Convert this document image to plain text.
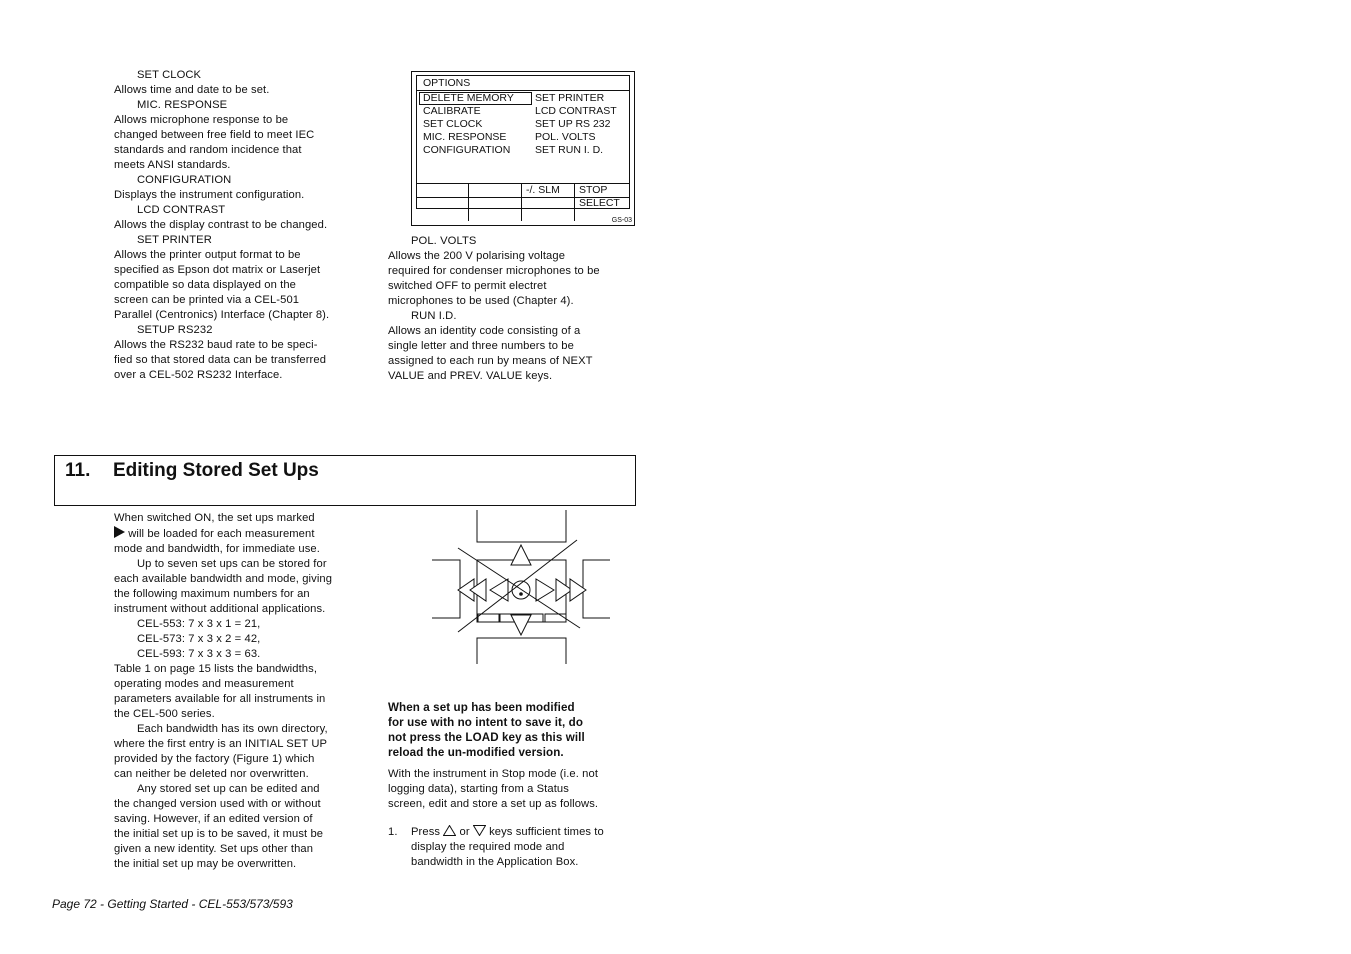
SET CLOCK

Allows time and date to be set.

MIC. RESPONSE

Allows microphone response to be

changed between free field to meet IEC

standards and random incidence that

meets ANSI standards.

CONFIGURATION

Displays the instrument configuration.

LCD CONTRAST

Allows the display contrast to be changed.

SET PRINTER

Allows the printer output format to be

specified as Epson dot matrix or Laserjet

compatible so data displayed on the

screen can be printed via a CEL-501

Parallel (Centronics) Interface (Chapter 8).

SETUP RS232

Allows the RS232 baud rate to be speci-

fied so that stored data can be transferred

over a CEL-502 RS232 Interface.

OPTIONS
DELETE MEMORY
CALIBRATE
SET CLOCK
MIC. RESPONSE
CONFIGURATION
SET PRINTER
LCD CONTRAST
SET UP RS 232
POL. VOLTS
SET RUN I. D.
-/. SLM	STOP
SELECT
GS-03

POL. VOLTS

Allows the 200 V polarising voltage

required for condenser microphones to be

switched OFF to permit electret

microphones to be used (Chapter 4).

RUN I.D.

Allows an identity code consisting of a

single letter and three numbers to be

assigned to each run by means of NEXT

VALUE and PREV. VALUE keys.

11. Editing Stored Set Ups

When switched ON, the set ups marked

will be loaded for each measurement

mode and bandwidth, for immediate use.

Up to seven set ups can be stored for

each available bandwidth and mode, giving

the following maximum numbers for an

instrument without additional applications.

CEL-553: 7 x 3 x 1 = 21,

CEL-573: 7 x 3 x 2 = 42,

CEL-593: 7 x 3 x 3 = 63.

Table 1 on page 15 lists the bandwidths,

operating modes and measurement

parameters available for all instruments in

the CEL-500 series.

Each bandwidth has its own directory,

where the first entry is an INITIAL SET UP

provided by the factory (Figure 1) which

can neither be deleted nor overwritten.

Any stored set up can be edited and

the changed version used with or without

saving. However, if an edited version of

the initial set up is to be saved, it must be

given a new identity. Set ups other than

the initial set up may be overwritten.

When a set up has been modified

for use with no intent to save it, do

not press the LOAD key as this will

reload the un-modified version.

With the instrument in Stop mode (i.e. not

logging data), starting from a Status

screen, edit and store a set up as follows.

1. Press  or  keys sufficient times to

display the required mode and

bandwidth in the Application Box.

Page 72 - Getting Started - CEL-553/573/593
